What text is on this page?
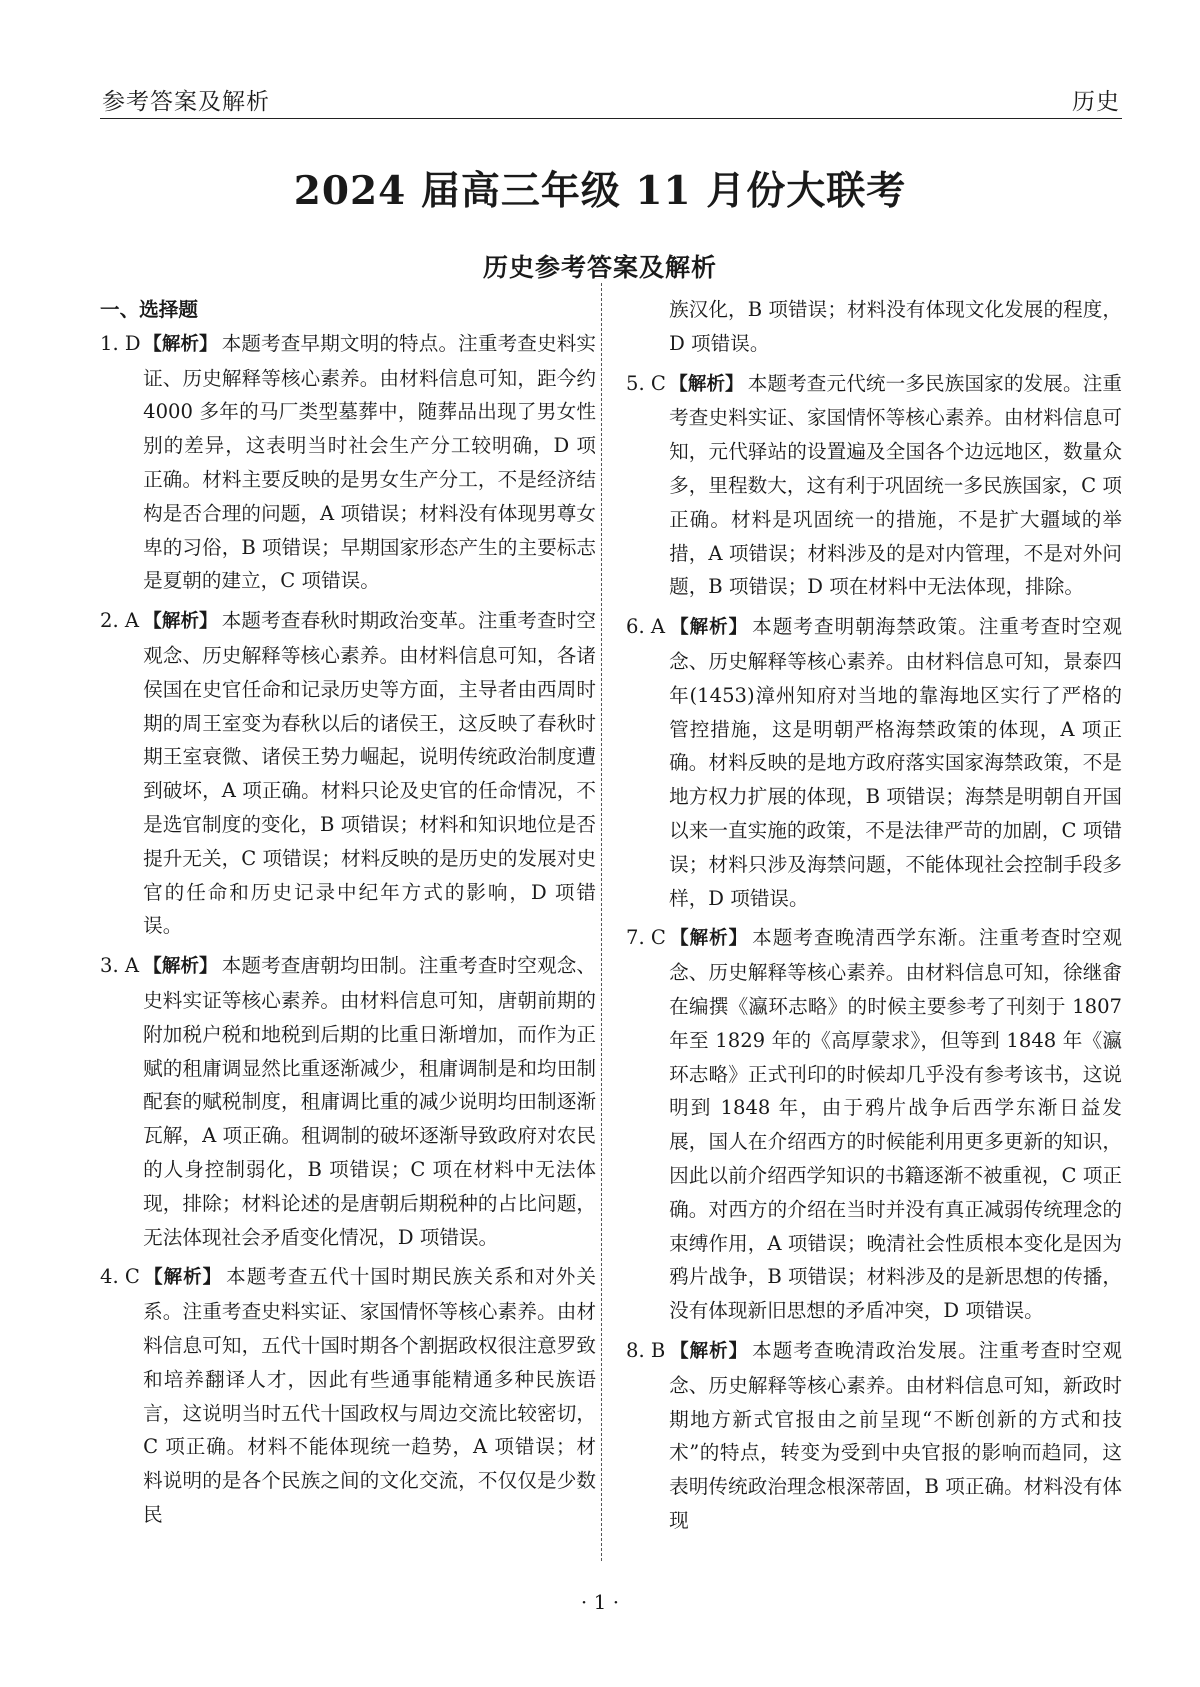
参考答案及解析	历史
2024 届高三年级 11 月份大联考
历史参考答案及解析
一、选择题

1. D 【解析】 本题考查早期文明的特点。注重考查史料实证、历史解释等核心素养。由材料信息可知，距今约 4000 多年的马厂类型墓葬中，随葬品出现了男女性别的差异，这表明当时社会生产分工较明确，D 项正确。材料主要反映的是男女生产分工，不是经济结构是否合理的问题，A 项错误；材料没有体现男尊女卑的习俗，B 项错误；早期国家形态产生的主要标志是夏朝的建立，C 项错误。

2. A 【解析】 本题考查春秋时期政治变革。注重考查时空观念、历史解释等核心素养。由材料信息可知，各诸侯国在史官任命和记录历史等方面，主导者由西周时期的周王室变为春秋以后的诸侯王，这反映了春秋时期王室衰微、诸侯王势力崛起，说明传统政治制度遭到破坏，A 项正确。材料只论及史官的任命情况，不是选官制度的变化，B 项错误；材料和知识地位是否提升无关，C 项错误；材料反映的是历史的发展对史官的任命和历史记录中纪年方式的影响，D 项错误。

3. A 【解析】 本题考查唐朝均田制。注重考查时空观念、史料实证等核心素养。由材料信息可知，唐朝前期的附加税户税和地税到后期的比重日渐增加，而作为正赋的租庸调显然比重逐渐减少，租庸调制是和均田制配套的赋税制度，租庸调比重的减少说明均田制逐渐瓦解，A 项正确。租调制的破坏逐渐导致政府对农民的人身控制弱化，B 项错误；C 项在材料中无法体现，排除；材料论述的是唐朝后期税种的占比问题，无法体现社会矛盾变化情况，D 项错误。

4. C 【解析】 本题考查五代十国时期民族关系和对外关系。注重考查史料实证、家国情怀等核心素养。由材料信息可知，五代十国时期各个割据政权很注意罗致和培养翻译人才，因此有些通事能精通多种民族语言，这说明当时五代十国政权与周边交流比较密切，C 项正确。材料不能体现统一趋势，A 项错误；材料说明的是各个民族之间的文化交流，不仅仅是少数民

族汉化，B 项错误；材料没有体现文化发展的程度，D 项错误。

5. C 【解析】 本题考查元代统一多民族国家的发展。注重考查史料实证、家国情怀等核心素养。由材料信息可知，元代驿站的设置遍及全国各个边远地区，数量众多，里程数大，这有利于巩固统一多民族国家，C 项正确。材料是巩固统一的措施，不是扩大疆域的举措，A 项错误；材料涉及的是对内管理，不是对外问题，B 项错误；D 项在材料中无法体现，排除。

6. A 【解析】 本题考查明朝海禁政策。注重考查时空观念、历史解释等核心素养。由材料信息可知，景泰四年(1453)漳州知府对当地的靠海地区实行了严格的管控措施，这是明朝严格海禁政策的体现，A 项正确。材料反映的是地方政府落实国家海禁政策，不是地方权力扩展的体现，B 项错误；海禁是明朝自开国以来一直实施的政策，不是法律严苛的加剧，C 项错误；材料只涉及海禁问题，不能体现社会控制手段多样，D 项错误。

7. C 【解析】 本题考查晚清西学东渐。注重考查时空观念、历史解释等核心素养。由材料信息可知，徐继畬在编撰《瀛环志略》的时候主要参考了刊刻于 1807 年至 1829 年的《高厚蒙求》，但等到 1848 年《瀛环志略》正式刊印的时候却几乎没有参考该书，这说明到 1848 年，由于鸦片战争后西学东渐日益发展，国人在介绍西方的时候能利用更多更新的知识，因此以前介绍西学知识的书籍逐渐不被重视，C 项正确。对西方的介绍在当时并没有真正减弱传统理念的束缚作用，A 项错误；晚清社会性质根本变化是因为鸦片战争，B 项错误；材料涉及的是新思想的传播，没有体现新旧思想的矛盾冲突，D 项错误。

8. B 【解析】 本题考查晚清政治发展。注重考查时空观念、历史解释等核心素养。由材料信息可知，新政时期地方新式官报由之前呈现“不断创新的方式和技术”的特点，转变为受到中央官报的影响而趋同，这表明传统政治理念根深蒂固，B 项正确。材料没有体现

· 1 ·
